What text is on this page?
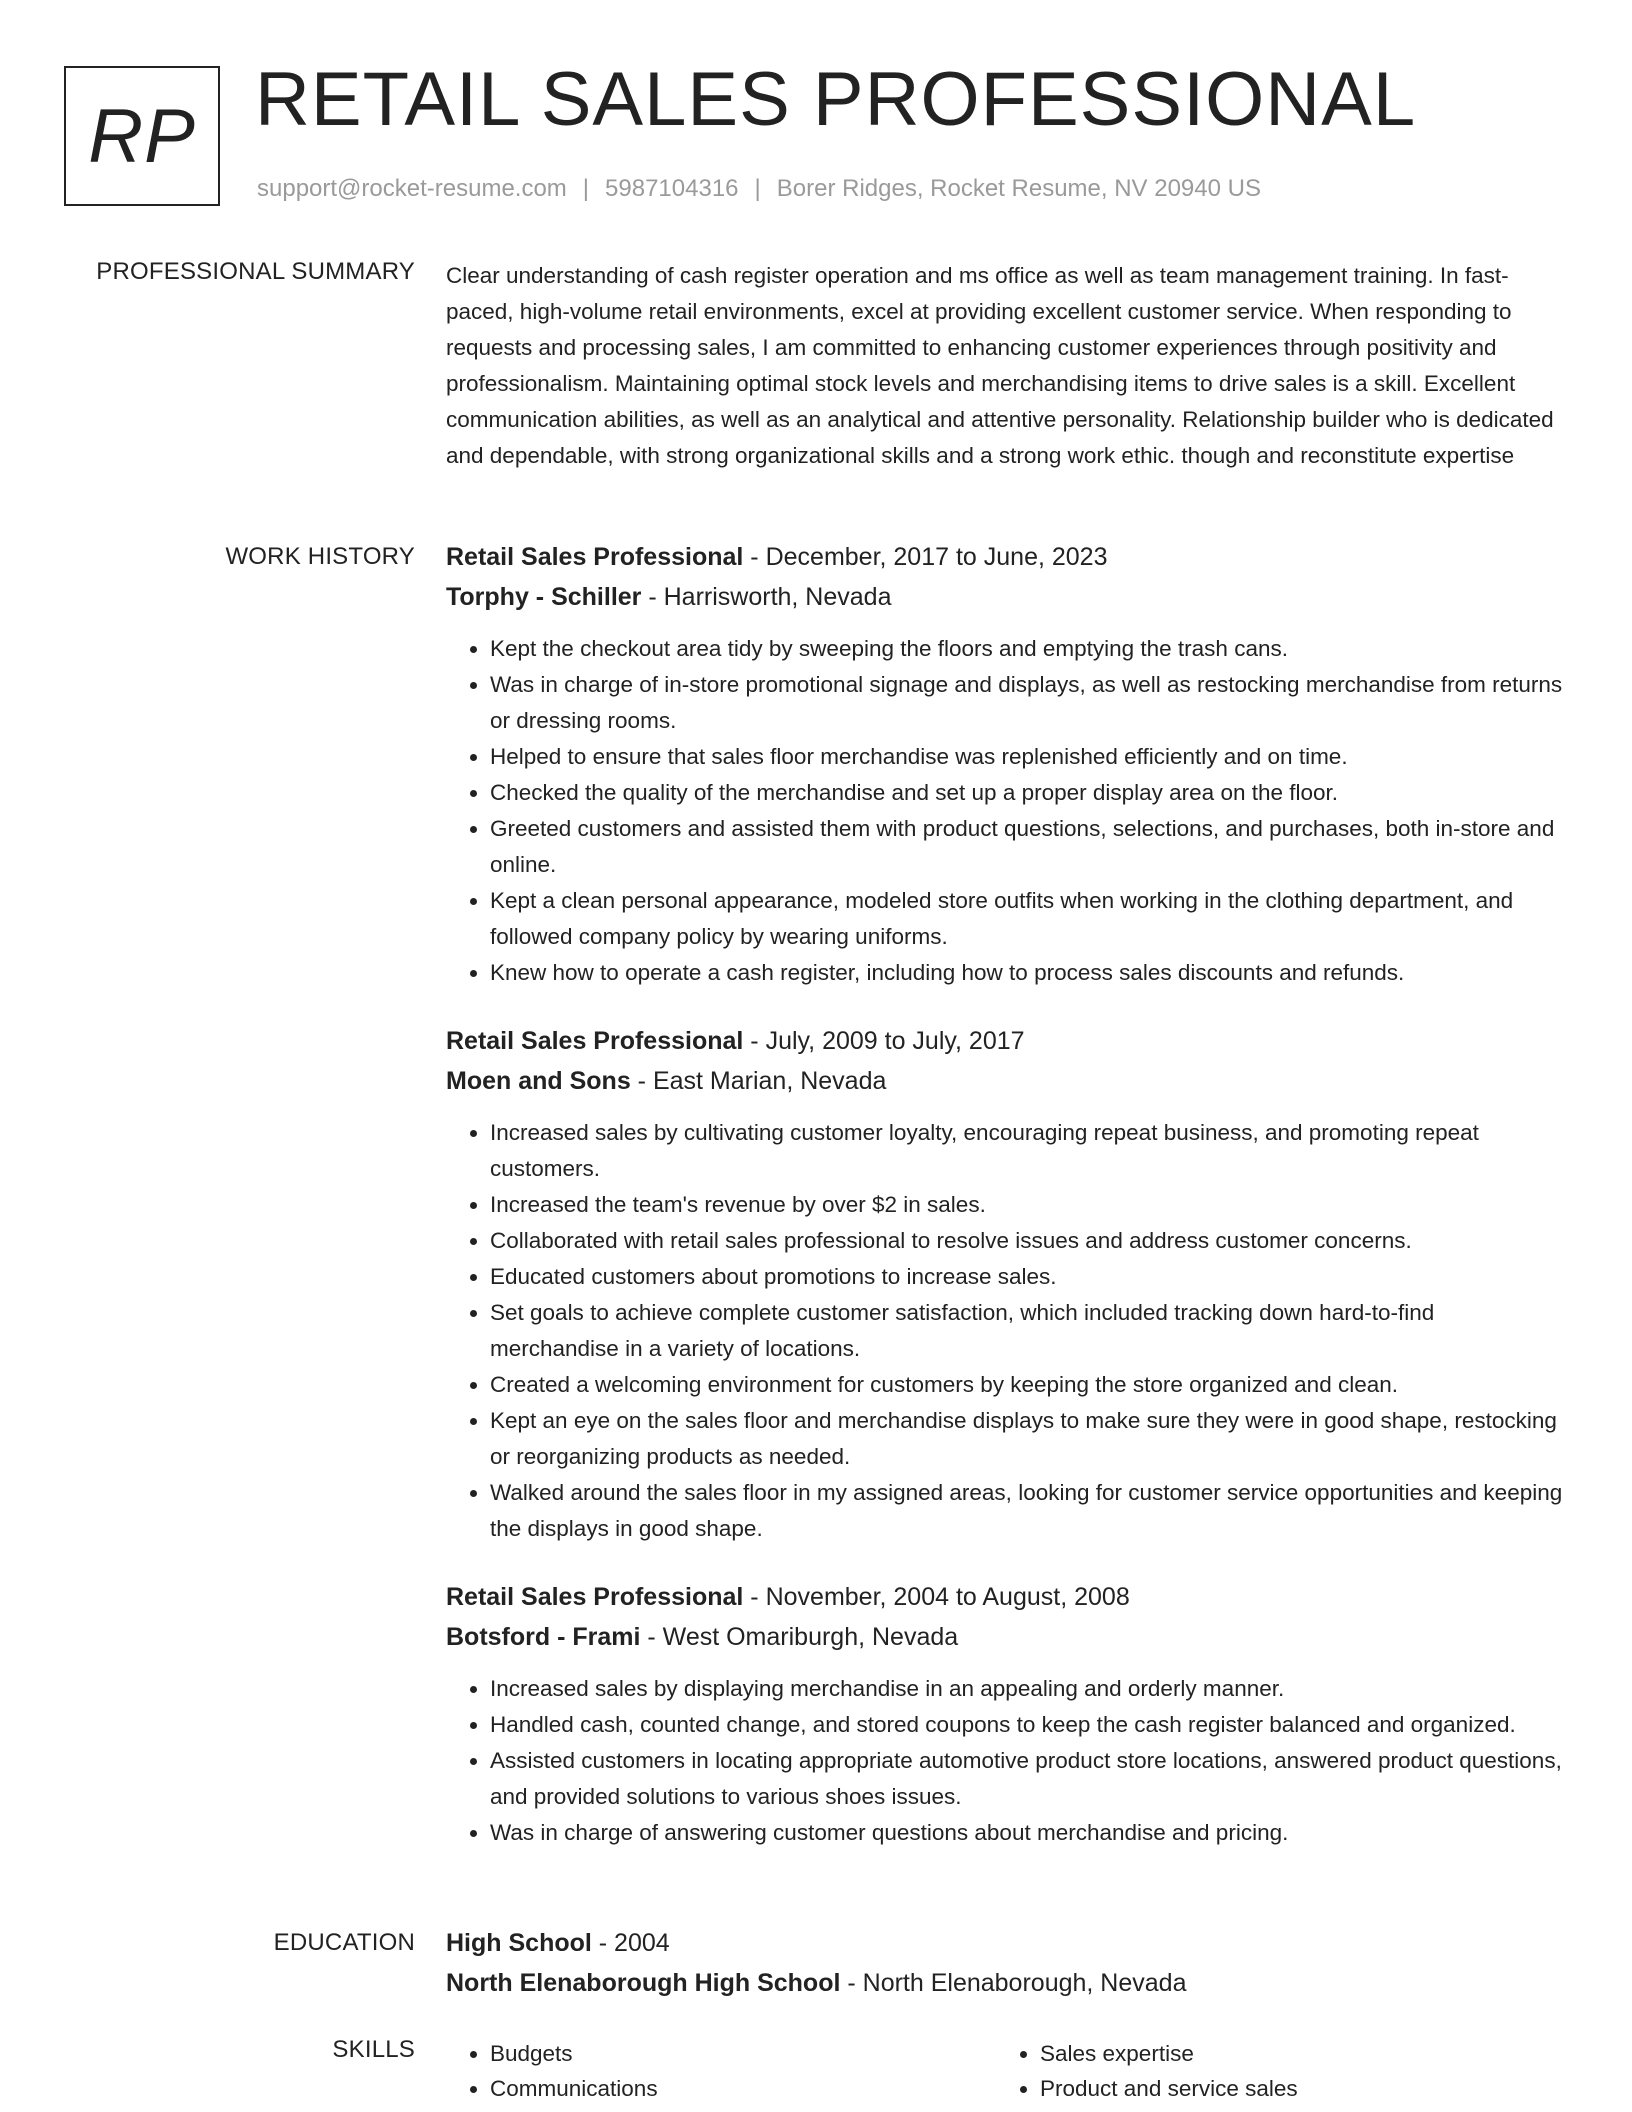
RP RETAIL SALES PROFESSIONAL
support@rocket-resume.com | 5987104316 | Borer Ridges, Rocket Resume, NV 20940 US
PROFESSIONAL SUMMARY Clear understanding of cash register operation and ms office as well as team management training. In fast-paced, high-volume retail environments, excel at providing excellent customer service. When responding to requests and processing sales, I am committed to enhancing customer experiences through positivity and professionalism. Maintaining optimal stock levels and merchandising items to drive sales is a skill. Excellent communication abilities, as well as an analytical and attentive personality. Relationship builder who is dedicated and dependable, with strong organizational skills and a strong work ethic. though and reconstitute expertise

WORK HISTORY Retail Sales Professional - December, 2017 to June, 2023
Torphy - Schiller - Harrisworth, Nevada
• Kept the checkout area tidy by sweeping the floors and emptying the trash cans.
• Was in charge of in-store promotional signage and displays, as well as restocking merchandise from returns or dressing rooms.
• Helped to ensure that sales floor merchandise was replenished efficiently and on time.
• Checked the quality of the merchandise and set up a proper display area on the floor.
• Greeted customers and assisted them with product questions, selections, and purchases, both in-store and online.
• Kept a clean personal appearance, modeled store outfits when working in the clothing department, and followed company policy by wearing uniforms.
• Knew how to operate a cash register, including how to process sales discounts and refunds.
Retail Sales Professional - July, 2009 to July, 2017
Moen and Sons - East Marian, Nevada
• Increased sales by cultivating customer loyalty, encouraging repeat business, and promoting repeat customers.
• Increased the team's revenue by over $2 in sales.
• Collaborated with retail sales professional to resolve issues and address customer concerns.
• Educated customers about promotions to increase sales.
• Set goals to achieve complete customer satisfaction, which included tracking down hard-to-find merchandise in a variety of locations.
• Created a welcoming environment for customers by keeping the store organized and clean.
• Kept an eye on the sales floor and merchandise displays to make sure they were in good shape, restocking or reorganizing products as needed.
• Walked around the sales floor in my assigned areas, looking for customer service opportunities and keeping the displays in good shape.
Retail Sales Professional - November, 2004 to August, 2008
Botsford - Frami - West Omariburgh, Nevada
• Increased sales by displaying merchandise in an appealing and orderly manner.
• Handled cash, counted change, and stored coupons to keep the cash register balanced and organized.
• Assisted customers in locating appropriate automotive product store locations, answered product questions, and provided solutions to various shoes issues.
• Was in charge of answering customer questions about merchandise and pricing.
EDUCATION High School - 2004
North Elenaborough High School - North Elenaborough, Nevada
SKILLS
•	Budgets
• Communications
• Sales expertise
• Product and service sales
